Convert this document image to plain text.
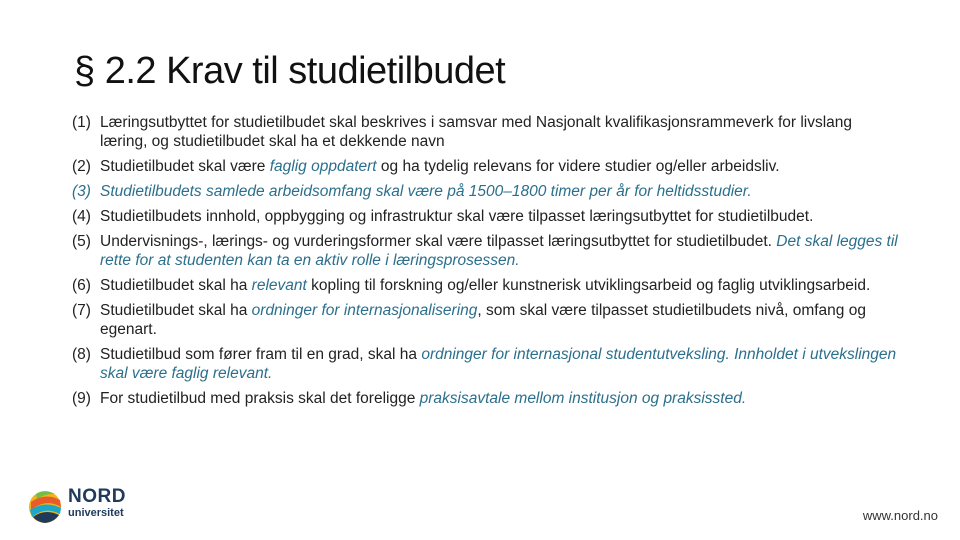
§ 2.2 Krav til studietilbudet
(1) Læringsutbyttet for studietilbudet skal beskrives i samsvar med Nasjonalt kvalifikasjonsrammeverk for livslang læring, og studietilbudet skal ha et dekkende navn
(2) Studietilbudet skal være faglig oppdatert og ha tydelig relevans for videre studier og/eller arbeidsliv.
(3) Studietilbudets samlede arbeidsomfang skal være på 1500–1800 timer per år for heltidsstudier.
(4) Studietilbudets innhold, oppbygging og infrastruktur skal være tilpasset læringsutbyttet for studietilbudet.
(5) Undervisnings-, lærings- og vurderingsformer skal være tilpasset læringsutbyttet for studietilbudet. Det skal legges til rette for at studenten kan ta en aktiv rolle i læringsprosessen.
(6) Studietilbudet skal ha relevant kopling til forskning og/eller kunstnerisk utviklingsarbeid og faglig utviklingsarbeid.
(7) Studietilbudet skal ha ordninger for internasjonalisering, som skal være tilpasset studietilbudets nivå, omfang og egenart.
(8) Studietilbud som fører fram til en grad, skal ha ordninger for internasjonal studentutveksling. Innholdet i utvekslingen skal være faglig relevant.
(9) For studietilbud med praksis skal det foreligge praksisavtale mellom institusjon og praksissted.
NORD
universitet	www.nord.no
